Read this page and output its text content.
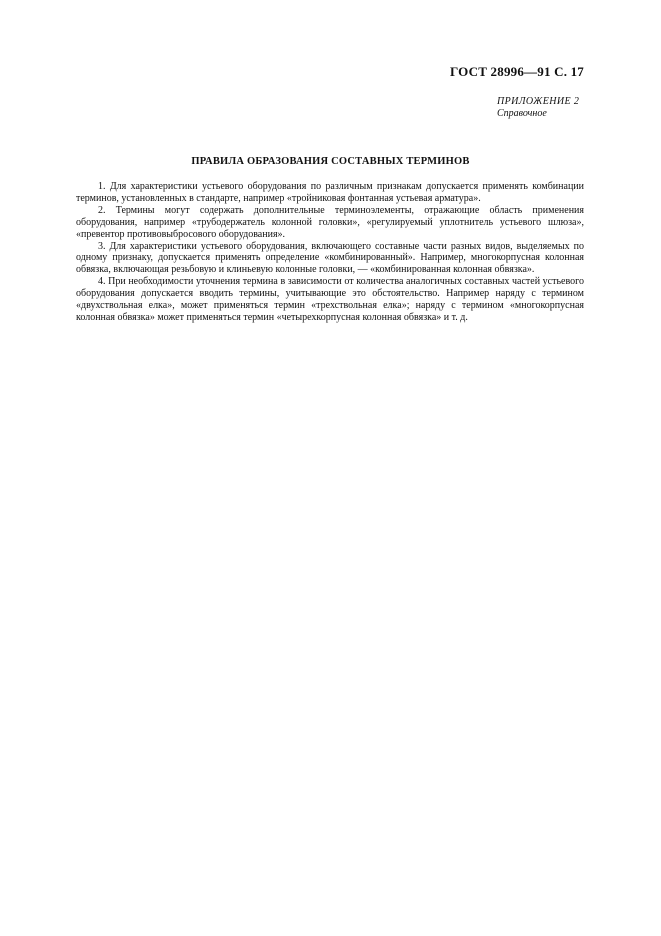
ГОСТ 28996—91 С. 17
ПРИЛОЖЕНИЕ 2
Справочное
ПРАВИЛА ОБРАЗОВАНИЯ СОСТАВНЫХ ТЕРМИНОВ

1. Для характеристики устьевого оборудования по различным признакам допускается применять комбинации терминов, установленных в стандарте, например «тройниковая фонтанная устьевая арматура».

2. Термины могут содержать дополнительные терминоэлементы, отражающие область применения оборудования, например «трубодержатель колонной головки», «регулируемый уплотнитель устьевого шлюза», «превентор противовыбросового оборудования».

3. Для характеристики устьевого оборудования, включающего составные части разных видов, выделяемых по одному признаку, допускается применять определение «комбинированный». Например, многокорпусная колонная обвязка, включающая резьбовую и клиньевую колонные головки, — «комбинированная колонная обвязка».

4. При необходимости уточнения термина в зависимости от количества аналогичных составных частей устьевого оборудования допускается вводить термины, учитывающие это обстоятельство. Например наряду с термином «двухствольная елка», может применяться термин «трехствольная елка»; наряду с термином «многокорпусная колонная обвязка» может применяться термин «четырехкорпусная колонная обвязка» и т. д.
